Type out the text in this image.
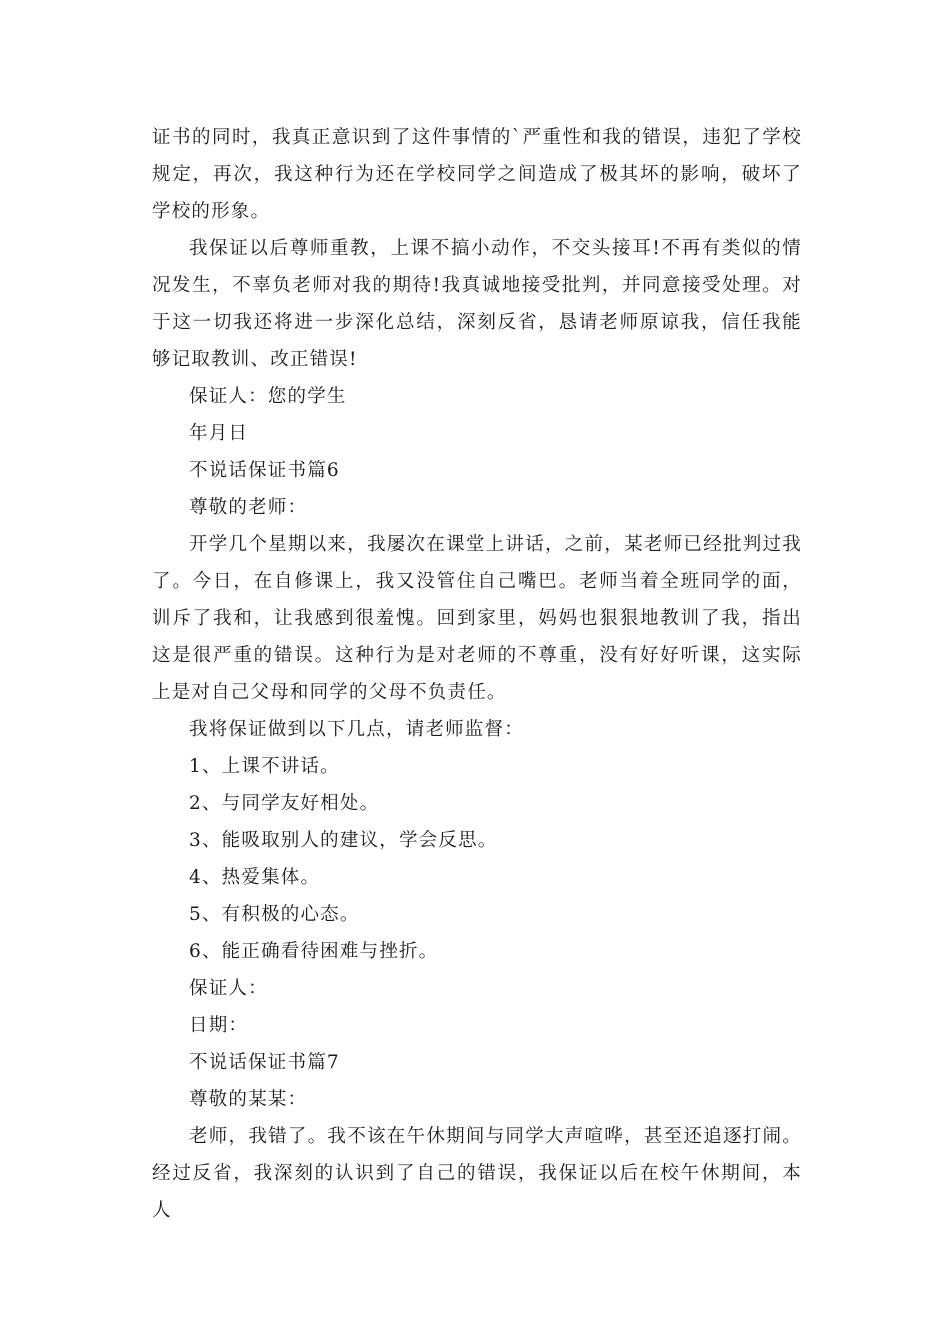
证书的同时，我真正意识到了这件事情的`严重性和我的错误，违犯了学校规定，再次，我这种行为还在学校同学之间造成了极其坏的影响，破坏了学校的形象。

我保证以后尊师重教，上课不搞小动作，不交头接耳!不再有类似的情况发生，不辜负老师对我的期待!我真诚地接受批判，并同意接受处理。对于这一切我还将进一步深化总结，深刻反省，恳请老师原谅我，信任我能够记取教训、改正错误!

保证人：您的学生

年月日

不说话保证书篇6

尊敬的老师：

开学几个星期以来，我屡次在课堂上讲话，之前，某老师已经批判过我了。今日，在自修课上，我又没管住自己嘴巴。老师当着全班同学的面，训斥了我和，让我感到很羞愧。回到家里，妈妈也狠狠地教训了我，指出这是很严重的错误。这种行为是对老师的不尊重，没有好好听课，这实际上是对自己父母和同学的父母不负责任。

我将保证做到以下几点，请老师监督：

1、上课不讲话。

2、与同学友好相处。

3、能吸取别人的建议，学会反思。

4、热爱集体。

5、有积极的心态。

6、能正确看待困难与挫折。

保证人：

日期：

不说话保证书篇7

尊敬的某某：

老师，我错了。我不该在午休期间与同学大声喧哗，甚至还追逐打闹。经过反省，我深刻的认识到了自己的错误，我保证以后在校午休期间，本人
